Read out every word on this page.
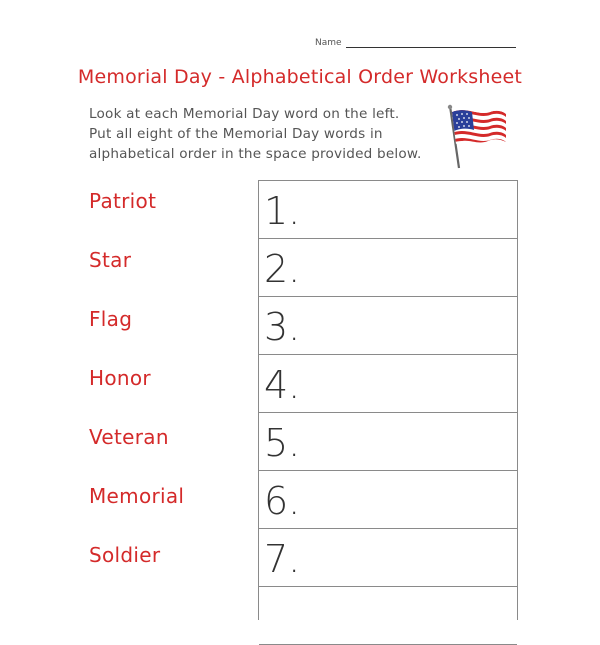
Name
Memorial Day - Alphabetical Order Worksheet
Look at each Memorial Day word on the left.
Put all eight of the Memorial Day words in
alphabetical order in the space provided below.
Patriot
Star
Flag
Honor
Veteran
Memorial
Soldier
1.
2.
3.
4.
5.
6.
7.
